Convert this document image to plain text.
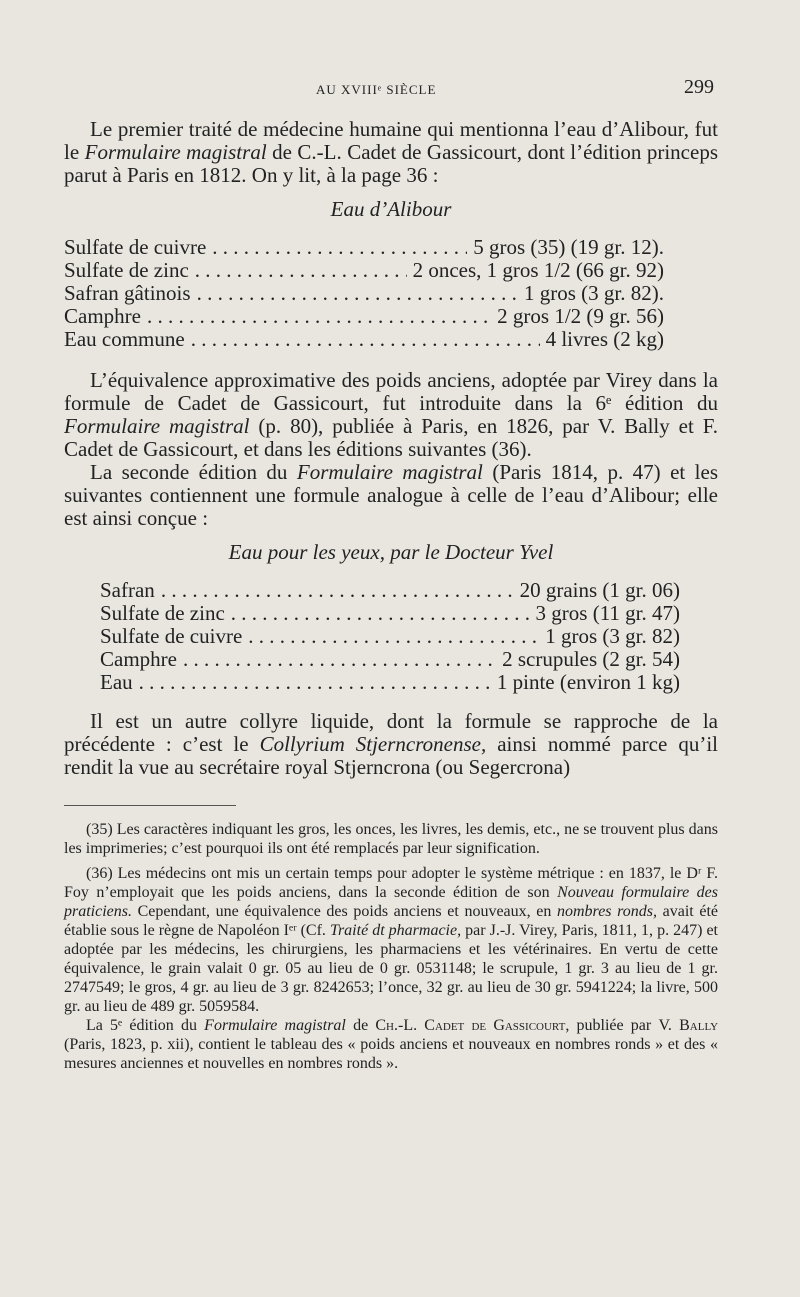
AU XVIIIᵉ SIÈCLE	299

Le premier traité de médecine humaine qui mentionna l’eau d’Alibour, fut le Formulaire magistral de C.-L. Cadet de Gassicourt, dont l’édition princeps parut à Paris en 1812. On y lit, à la page 36 :

Eau d’Alibour
Sulfate de cuivre . . .	5 gros (35) (19 gr. 12).
Sulfate de zinc . . .	2 onces, 1 gros 1/2 (66 gr. 92)
Safran gâtinois . . .	1 gros (3 gr. 82).
Camphre . . .	2 gros 1/2 (9 gr. 56)
Eau commune . . .	4 livres (2 kg)

L’équivalence approximative des poids anciens, adoptée par Virey dans la formule de Cadet de Gassicourt, fut introduite dans la 6ᵉ édition du Formulaire magistral (p. 80), publiée à Paris, en 1826, par V. Bally et F. Cadet de Gassicourt, et dans les éditions suivantes (36).

La seconde édition du Formulaire magistral (Paris 1814, p. 47) et les suivantes contiennent une formule analogue à celle de l’eau d’Alibour; elle est ainsi conçue :

Eau pour les yeux, par le Docteur Yvel
Safran . . .	20 grains (1 gr. 06)
Sulfate de zinc . . .	3 gros (11 gr. 47)
Sulfate de cuivre . . .	1 gros (3 gr. 82)
Camphre . . .	2 scrupules (2 gr. 54)
Eau . . .	1 pinte (environ 1 kg)

Il est un autre collyre liquide, dont la formule se rapproche de la précédente : c’est le Collyrium Stjerncronense, ainsi nommé parce qu’il rendit la vue au secrétaire royal Stjerncrona (ou Segercrona)

(35) Les caractères indiquant les gros, les onces, les livres, les demis, etc., ne se trouvent plus dans les imprimeries; c’est pourquoi ils ont été remplacés par leur signification.

(36) Les médecins ont mis un certain temps pour adopter le système métrique : en 1837, le Dʳ F. Foy n’employait que les poids anciens, dans la seconde édition de son Nouveau formulaire des praticiens. Cependant, une équivalence des poids anciens et nouveaux, en nombres ronds, avait été établie sous le règne de Napoléon Iᵉʳ (Cf. Traité dt pharmacie, par J.-J. Virey, Paris, 1811, 1, p. 247) et adoptée par les médecins, les chirurgiens, les pharmaciens et les vétérinaires. En vertu de cette équivalence, le grain valait 0 gr. 05 au lieu de 0 gr. 0531148; le scrupule, 1 gr. 3 au lieu de 1 gr. 2747549; le gros, 4 gr. au lieu de 3 gr. 8242653; l’once, 32 gr. au lieu de 30 gr. 5941224; la livre, 500 gr. au lieu de 489 gr. 5059584.

La 5ᵉ édition du Formulaire magistral de Ch.-L. Cadet de Gassicourt, publiée par V. Bally (Paris, 1823, p. xii), contient le tableau des « poids anciens et nouveaux en nombres ronds » et des « mesures anciennes et nouvelles en nombres ronds ».
